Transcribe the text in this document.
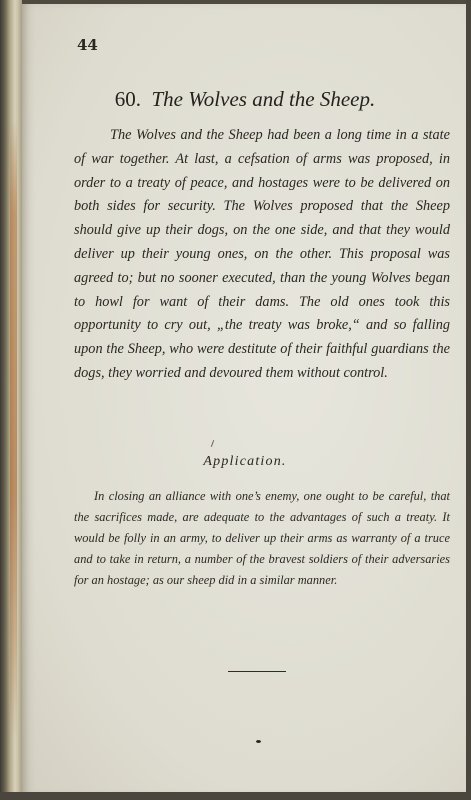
44

60. The Wolves and the Sheep.

The Wolves and the Sheep had been a long time in a state of war together. At last, a cefsation of arms was proposed, in order to a treaty of peace, and hostages were to be delivered on both sides for security. The Wolves proposed that the Sheep should give up their dogs, on the one side, and that they would deliver up their young ones, on the other. This proposal was agreed to; but no sooner executed, than the young Wolves began to howl for want of their dams. The old ones took this opportunity to cry out, „the treaty was broke,“ and so falling upon the Sheep, who were destitute of their faithful guardians the dogs, they worried and devoured them without control.

Application.

In closing an alliance with one’s enemy, one ought to be careful, that the sacrifices made, are adequate to the advantages of such a treaty. It would be folly in an army, to deliver up their arms as warranty of a truce and to take in return, a number of the bravest soldiers of their adversaries for an hostage; as our sheep did in a similar manner.
